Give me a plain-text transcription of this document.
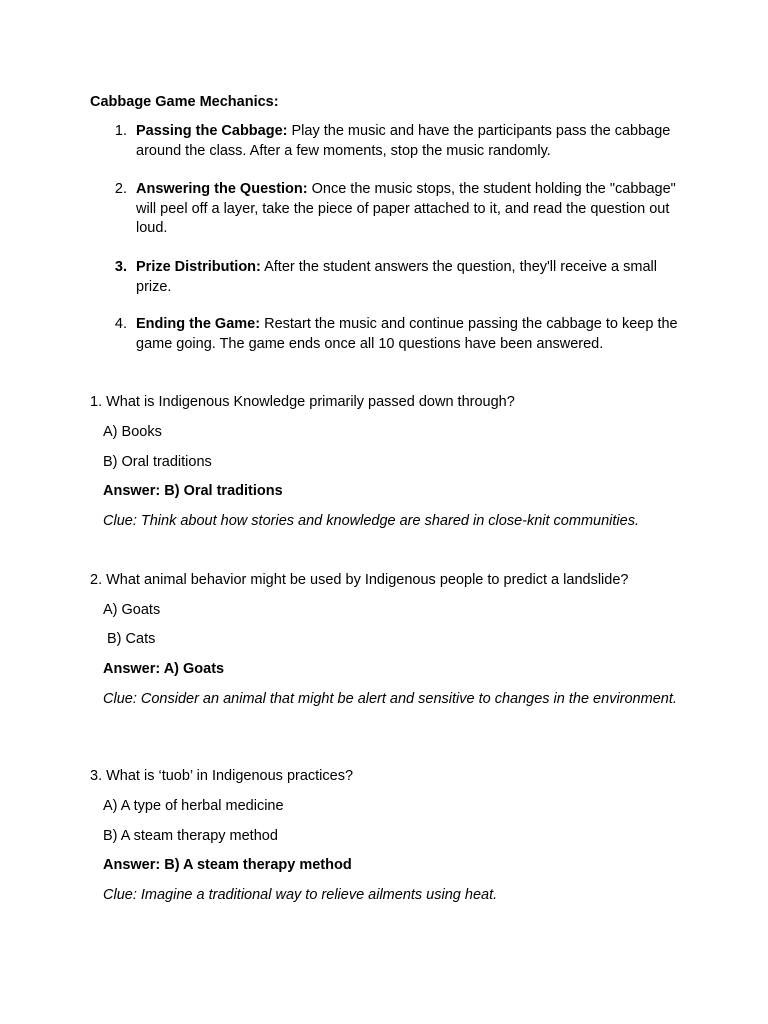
Cabbage Game Mechanics:

1. Passing the Cabbage: Play the music and have the participants pass the cabbage around the class. After a few moments, stop the music randomly.
2. Answering the Question: Once the music stops, the student holding the "cabbage" will peel off a layer, take the piece of paper attached to it, and read the question out loud.
3. Prize Distribution: After the student answers the question, they'll receive a small prize.
4. Ending the Game: Restart the music and continue passing the cabbage to keep the game going. The game ends once all 10 questions have been answered.

1. What is Indigenous Knowledge primarily passed down through?

A) Books

B) Oral traditions

Answer: B) Oral traditions

Clue: Think about how stories and knowledge are shared in close-knit communities.

2. What animal behavior might be used by Indigenous people to predict a landslide?

A) Goats

B) Cats

Answer: A) Goats

Clue: Consider an animal that might be alert and sensitive to changes in the environment.

3. What is ‘tuob’ in Indigenous practices?

A) A type of herbal medicine

B) A steam therapy method

Answer: B) A steam therapy method

Clue: Imagine a traditional way to relieve ailments using heat.
